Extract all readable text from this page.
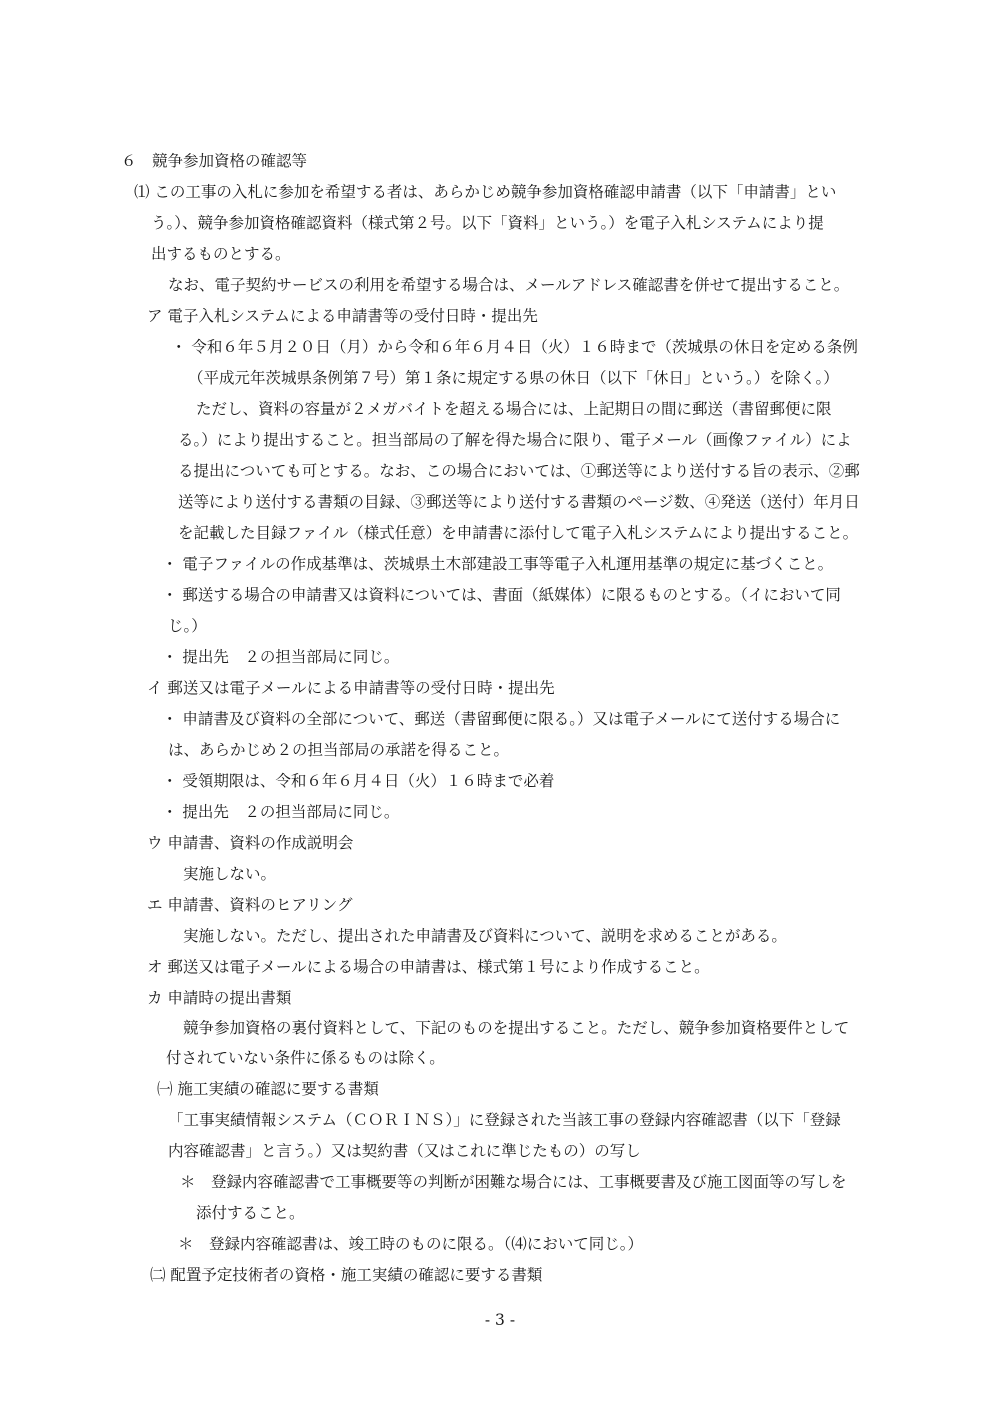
６　競争参加資格の確認等
⑴ この工事の入札に参加を希望する者は、あらかじめ競争参加資格確認申請書（以下「申請書」とい
う。）、競争参加資格確認資料（様式第２号。以下「資料」という。）を電子入札システムにより提
出するものとする。
なお、電子契約サービスの利用を希望する場合は、メールアドレス確認書を併せて提出すること。
ア 電子入札システムによる申請書等の受付日時・提出先
・ 令和６年５月２０日（月）から令和６年６月４日（火）１６時まで（茨城県の休日を定める条例
（平成元年茨城県条例第７号）第１条に規定する県の休日（以下「休日」という。）を除く。）
ただし、資料の容量が２メガバイトを超える場合には、上記期日の間に郵送（書留郵便に限
る。）により提出すること。担当部局の了解を得た場合に限り、電子メール（画像ファイル）によ
る提出についても可とする。なお、この場合においては、①郵送等により送付する旨の表示、②郵
送等により送付する書類の目録、③郵送等により送付する書類のページ数、④発送（送付）年月日
を記載した目録ファイル（様式任意）を申請書に添付して電子入札システムにより提出すること。
・ 電子ファイルの作成基準は、茨城県土木部建設工事等電子入札運用基準の規定に基づくこと。
・ 郵送する場合の申請書又は資料については、書面（紙媒体）に限るものとする。（イにおいて同
じ。）
・ 提出先　２の担当部局に同じ。
イ 郵送又は電子メールによる申請書等の受付日時・提出先
・ 申請書及び資料の全部について、郵送（書留郵便に限る。）又は電子メールにて送付する場合に
は、あらかじめ２の担当部局の承諾を得ること。
・ 受領期限は、令和６年６月４日（火）１６時まで必着
・ 提出先　２の担当部局に同じ。
ウ 申請書、資料の作成説明会
実施しない。
エ 申請書、資料のヒアリング
実施しない。ただし、提出された申請書及び資料について、説明を求めることがある。
オ 郵送又は電子メールによる場合の申請書は、様式第１号により作成すること。
カ 申請時の提出書類
競争参加資格の裏付資料として、下記のものを提出すること。ただし、競争参加資格要件として
付されていない条件に係るものは除く。
㈠ 施工実績の確認に要する書類
「工事実績情報システム（ＣＯＲＩＮＳ）」に登録された当該工事の登録内容確認書（以下「登録
内容確認書」と言う。）又は契約書（又はこれに準じたもの）の写し
＊　登録内容確認書で工事概要等の判断が困難な場合には、工事概要書及び施工図面等の写しを
添付すること。
＊　登録内容確認書は、竣工時のものに限る。（⑷において同じ。）
㈡ 配置予定技術者の資格・施工実績の確認に要する書類
- 3 -
